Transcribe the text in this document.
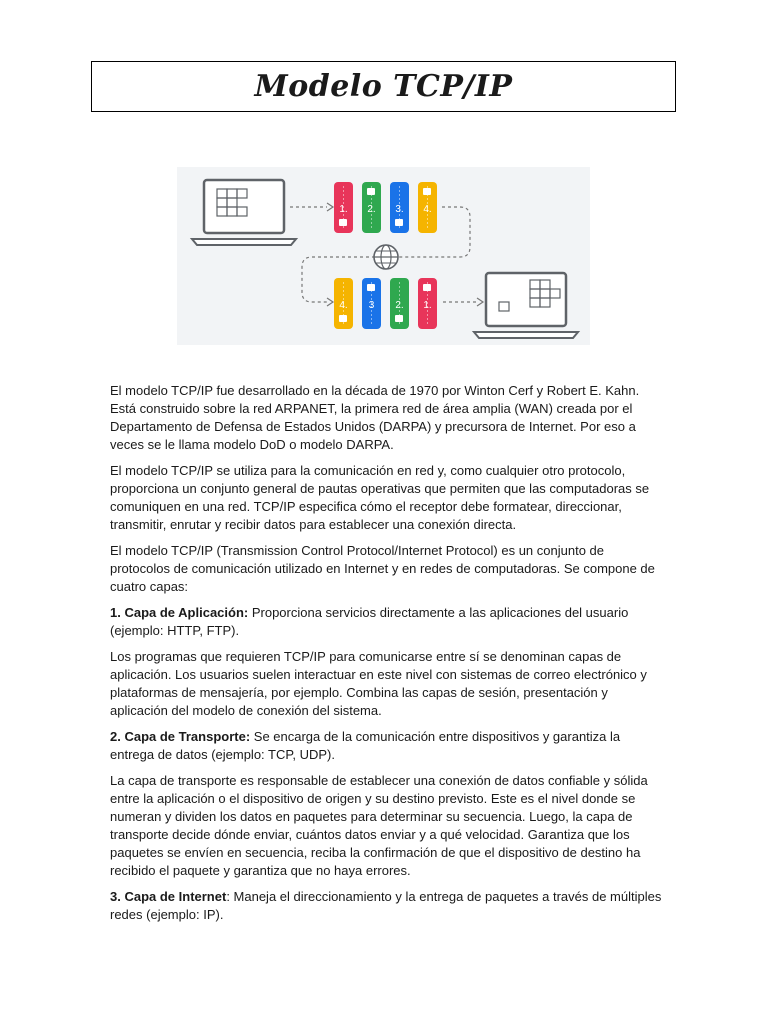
Modelo TCP/IP
1. 2. 3. 4.
4. 3 2. 1.

El modelo TCP/IP fue desarrollado en la década de 1970 por Winton Cerf y Robert E. Kahn. Está construido sobre la red ARPANET, la primera red de área amplia (WAN) creada por el Departamento de Defensa de Estados Unidos (DARPA) y precursora de Internet. Por eso a veces se le llama modelo DoD o modelo DARPA.

El modelo TCP/IP se utiliza para la comunicación en red y, como cualquier otro protocolo, proporciona un conjunto general de pautas operativas que permiten que las computadoras se comuniquen en una red. TCP/IP especifica cómo el receptor debe formatear, direccionar, transmitir, enrutar y recibir datos para establecer una conexión directa.

El modelo TCP/IP (Transmission Control Protocol/Internet Protocol) es un conjunto de protocolos de comunicación utilizado en Internet y en redes de computadoras. Se compone de cuatro capas:

1. Capa de Aplicación: Proporciona servicios directamente a las aplicaciones del usuario (ejemplo: HTTP, FTP).

Los programas que requieren TCP/IP para comunicarse entre sí se denominan capas de aplicación. Los usuarios suelen interactuar en este nivel con sistemas de correo electrónico y plataformas de mensajería, por ejemplo. Combina las capas de sesión, presentación y aplicación del modelo de conexión del sistema.

2. Capa de Transporte: Se encarga de la comunicación entre dispositivos y garantiza la entrega de datos (ejemplo: TCP, UDP).

La capa de transporte es responsable de establecer una conexión de datos confiable y sólida entre la aplicación o el dispositivo de origen y su destino previsto. Este es el nivel donde se numeran y dividen los datos en paquetes para determinar su secuencia. Luego, la capa de transporte decide dónde enviar, cuántos datos enviar y a qué velocidad. Garantiza que los paquetes se envíen en secuencia, reciba la confirmación de que el dispositivo de destino ha recibido el paquete y garantiza que no haya errores.

3. Capa de Internet: Maneja el direccionamiento y la entrega de paquetes a través de múltiples redes (ejemplo: IP).
